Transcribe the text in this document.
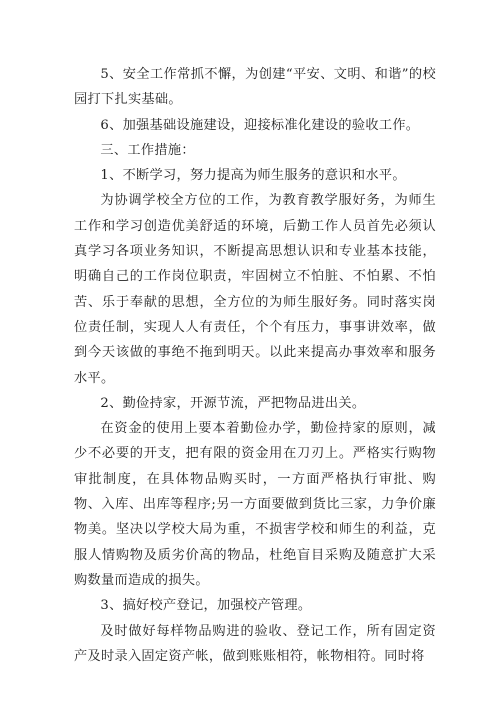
5、安全工作常抓不懈，为创建“平安、文明、和谐”的校园打下扎实基础。

6、加强基础设施建设，迎接标准化建设的验收工作。

三、工作措施：

1、不断学习，努力提高为师生服务的意识和水平。

为协调学校全方位的工作，为教育教学服好务，为师生工作和学习创造优美舒适的环境，后勤工作人员首先必须认真学习各项业务知识，不断提高思想认识和专业基本技能，明确自己的工作岗位职责，牢固树立不怕脏、不怕累、不怕苦、乐于奉献的思想，全方位的为师生服好务。同时落实岗位责任制，实现人人有责任，个个有压力，事事讲效率，做到今天该做的事绝不拖到明天。以此来提高办事效率和服务水平。

2、勤俭持家，开源节流，严把物品进出关。

在资金的使用上要本着勤俭办学，勤俭持家的原则，减少不必要的开支，把有限的资金用在刀刃上。严格实行购物审批制度，在具体物品购买时，一方面严格执行审批、购物、入库、出库等程序;另一方面要做到货比三家，力争价廉物美。坚决以学校大局为重，不损害学校和师生的利益，克服人情购物及质劣价高的物品，杜绝盲目采购及随意扩大采购数量而造成的损失。

3、搞好校产登记，加强校产管理。

及时做好每样物品购进的验收、登记工作，所有固定资产及时录入固定资产帐，做到账账相符，帐物相符。同时将
